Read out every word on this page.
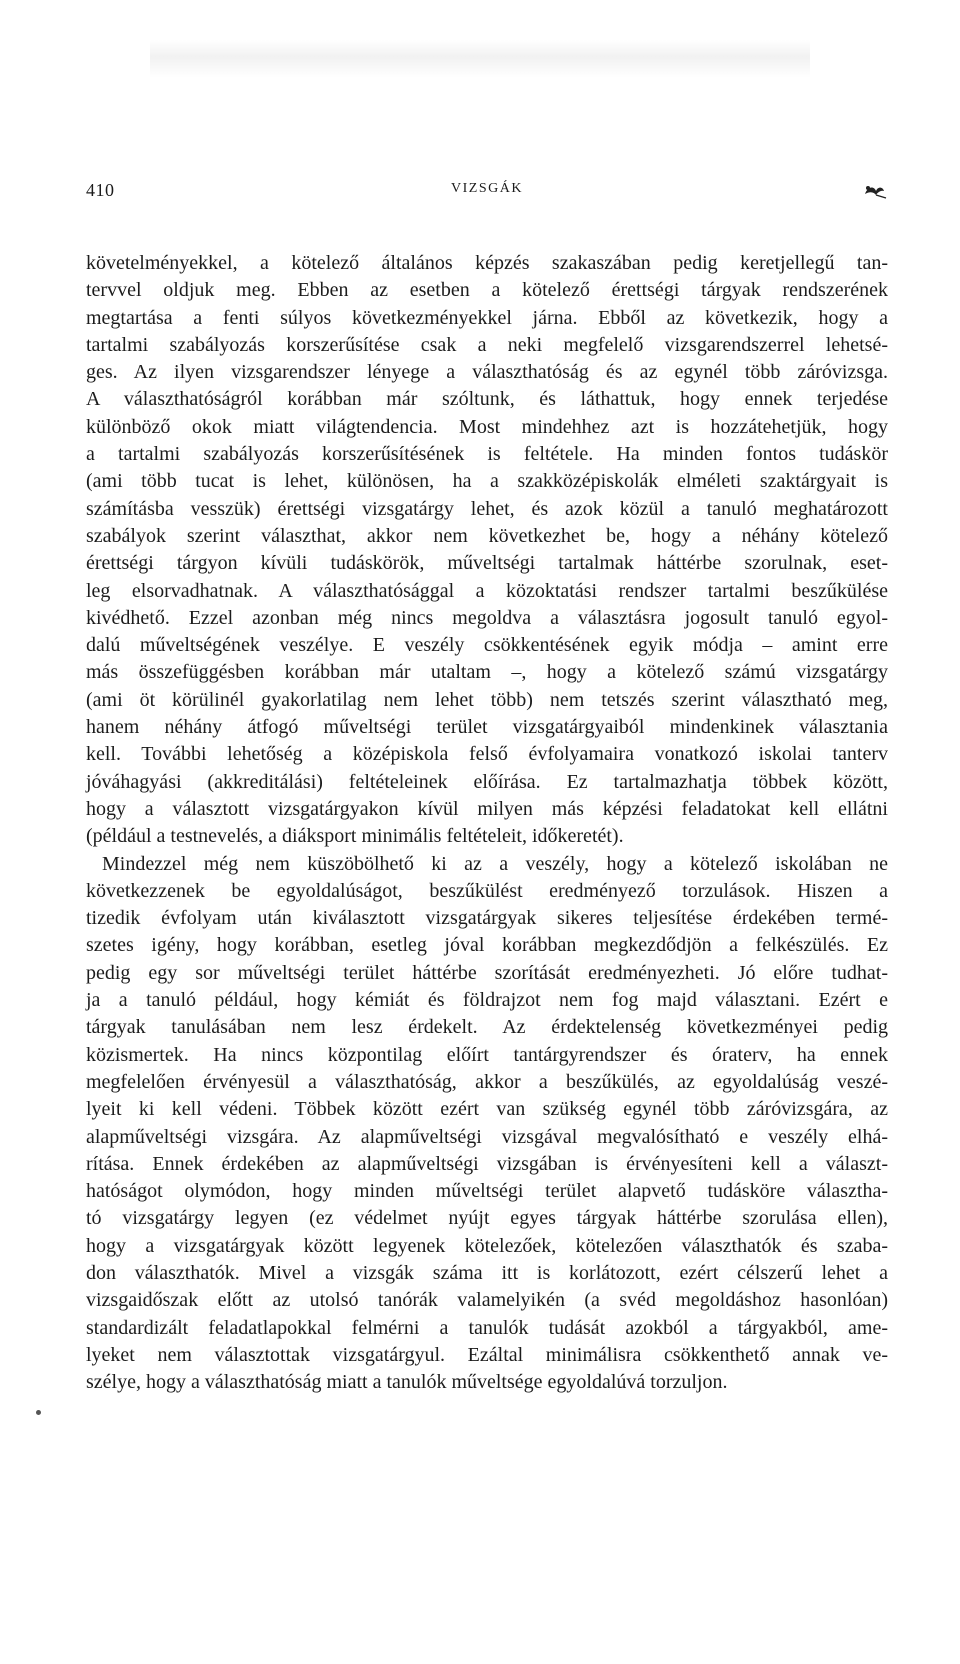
410	VIZSGÁK
követelményekkel, a kötelező általános képzés szakaszában pedig keretjellegű tan-
tervvel oldjuk meg. Ebben az esetben a kötelező érettségi tárgyak rendszerének
megtartása a fenti súlyos következményekkel járna. Ebből az következik, hogy a
tartalmi szabályozás korszerűsítése csak a neki megfelelő vizsgarendszerrel lehetsé-
ges. Az ilyen vizsgarendszer lényege a választhatóság és az egynél több záróvizsga.
A választhatóságról korábban már szóltunk, és láthattuk, hogy ennek terjedése
különböző okok miatt világtendencia. Most mindehhez azt is hozzátehetjük, hogy
a tartalmi szabályozás korszerűsítésének is feltétele. Ha minden fontos tudáskör
(ami több tucat is lehet, különösen, ha a szakközépiskolák elméleti szaktárgyait is
számításba vesszük) érettségi vizsgatárgy lehet, és azok közül a tanuló meghatározott
szabályok szerint választhat, akkor nem következhet be, hogy a néhány kötelező
érettségi tárgyon kívüli tudáskörök, műveltségi tartalmak háttérbe szorulnak, eset-
leg elsorvadhatnak. A választhatósággal a közoktatási rendszer tartalmi beszűkülése
kivédhető. Ezzel azonban még nincs megoldva a választásra jogosult tanuló egyol-
dalú műveltségének veszélye. E veszély csökkentésének egyik módja – amint erre
más összefüggésben korábban már utaltam –, hogy a kötelező számú vizsgatárgy
(ami öt körülinél gyakorlatilag nem lehet több) nem tetszés szerint választható meg,
hanem néhány átfogó műveltségi terület vizsgatárgyaiból mindenkinek választania
kell. További lehetőség a középiskola felső évfolyamaira vonatkozó iskolai tanterv
jóváhagyási (akkreditálási) feltételeinek előírása. Ez tartalmazhatja többek között,
hogy a választott vizsgatárgyakon kívül milyen más képzési feladatokat kell ellátni
(például a testnevelés, a diáksport minimális feltételeit, időkeretét).
Mindezzel még nem küszöbölhető ki az a veszély, hogy a kötelező iskolában ne
következzenek be egyoldalúságot, beszűkülést eredményező torzulások. Hiszen a
tizedik évfolyam után kiválasztott vizsgatárgyak sikeres teljesítése érdekében termé-
szetes igény, hogy korábban, esetleg jóval korábban megkezdődjön a felkészülés. Ez
pedig egy sor műveltségi terület háttérbe szorítását eredményezheti. Jó előre tudhat-
ja a tanuló például, hogy kémiát és földrajzot nem fog majd választani. Ezért e
tárgyak tanulásában nem lesz érdekelt. Az érdektelenség következményei pedig
közismertek. Ha nincs központilag előírt tantárgyrendszer és óraterv, ha ennek
megfelelően érvényesül a választhatóság, akkor a beszűkülés, az egyoldalúság veszé-
lyeit ki kell védeni. Többek között ezért van szükség egynél több záróvizsgára, az
alapműveltségi vizsgára. Az alapműveltségi vizsgával megvalósítható e veszély elhá-
rítása. Ennek érdekében az alapműveltségi vizsgában is érvényesíteni kell a választ-
hatóságot olymódon, hogy minden műveltségi terület alapvető tudásköre választha-
tó vizsgatárgy legyen (ez védelmet nyújt egyes tárgyak háttérbe szorulása ellen),
hogy a vizsgatárgyak között legyenek kötelezőek, kötelezően választhatók és szaba-
don választhatók. Mivel a vizsgák száma itt is korlátozott, ezért célszerű lehet a
vizsgaidőszak előtt az utolsó tanórák valamelyikén (a svéd megoldáshoz hasonlóan)
standardizált feladatlapokkal felmérni a tanulók tudását azokból a tárgyakból, ame-
lyeket nem választottak vizsgatárgyul. Ezáltal minimálisra csökkenthető annak ve-
szélye, hogy a választhatóság miatt a tanulók műveltsége egyoldalúvá torzuljon.
